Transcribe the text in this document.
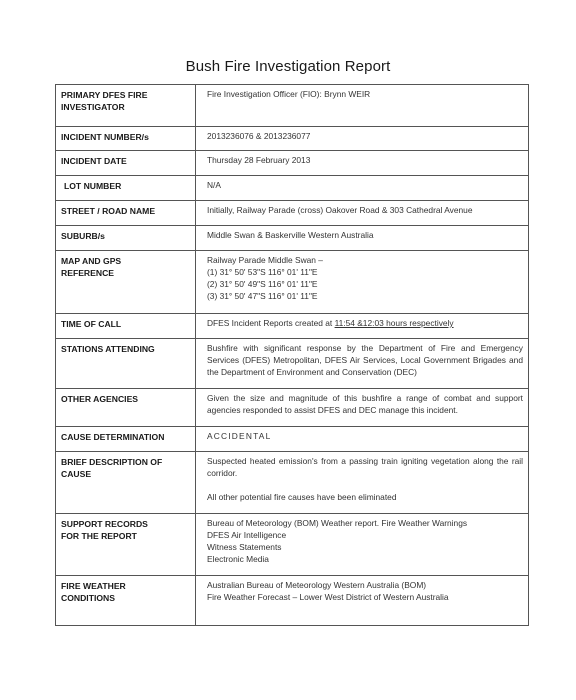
Bush Fire Investigation Report
PRIMARY DFES FIRE
INVESTIGATOR	Fire Investigation Officer (FIO): Brynn WEIR
INCIDENT NUMBER/s	2013236076 & 2013236077
INCIDENT DATE	Thursday 28 February 2013
LOT NUMBER	N/A
STREET / ROAD NAME	Initially, Railway Parade (cross) Oakover Road & 303 Cathedral Avenue
SUBURB/s	Middle Swan & Baskerville Western Australia

MAP AND GPS
REFERENCE	Railway Parade Middle Swan –
(1) 31° 50' 53"S 116° 01' 11"E
(2) 31° 50' 49"S 116° 01' 11"E
(3) 31° 50' 47"S 116° 01' 11"E

TIME OF CALL	DFES Incident Reports created at 11:54 &12:03 hours respectively
STATIONS ATTENDING	Bushfire with significant response by the Department of Fire and Emergency Services (DFES) Metropolitan, DFES Air Services, Local Government Brigades and the Department of Environment and Conservation (DEC)
OTHER AGENCIES	Given the size and magnitude of this bushfire a range of combat and support agencies responded to assist DFES and DEC manage this incident.
CAUSE DETERMINATION	ACCIDENTAL

BRIEF DESCRIPTION OF
CAUSE	Suspected heated emission's from a passing train igniting vegetation along the rail corridor.
All other potential fire causes have been eliminated

SUPPORT RECORDS
FOR THE REPORT	Bureau of Meteorology (BOM) Weather report. Fire Weather Warnings
DFES Air Intelligence
Witness Statements
Electronic Media

FIRE WEATHER
CONDITIONS	Australian Bureau of Meteorology Western Australia (BOM)
Fire Weather Forecast – Lower West District of Western Australia
